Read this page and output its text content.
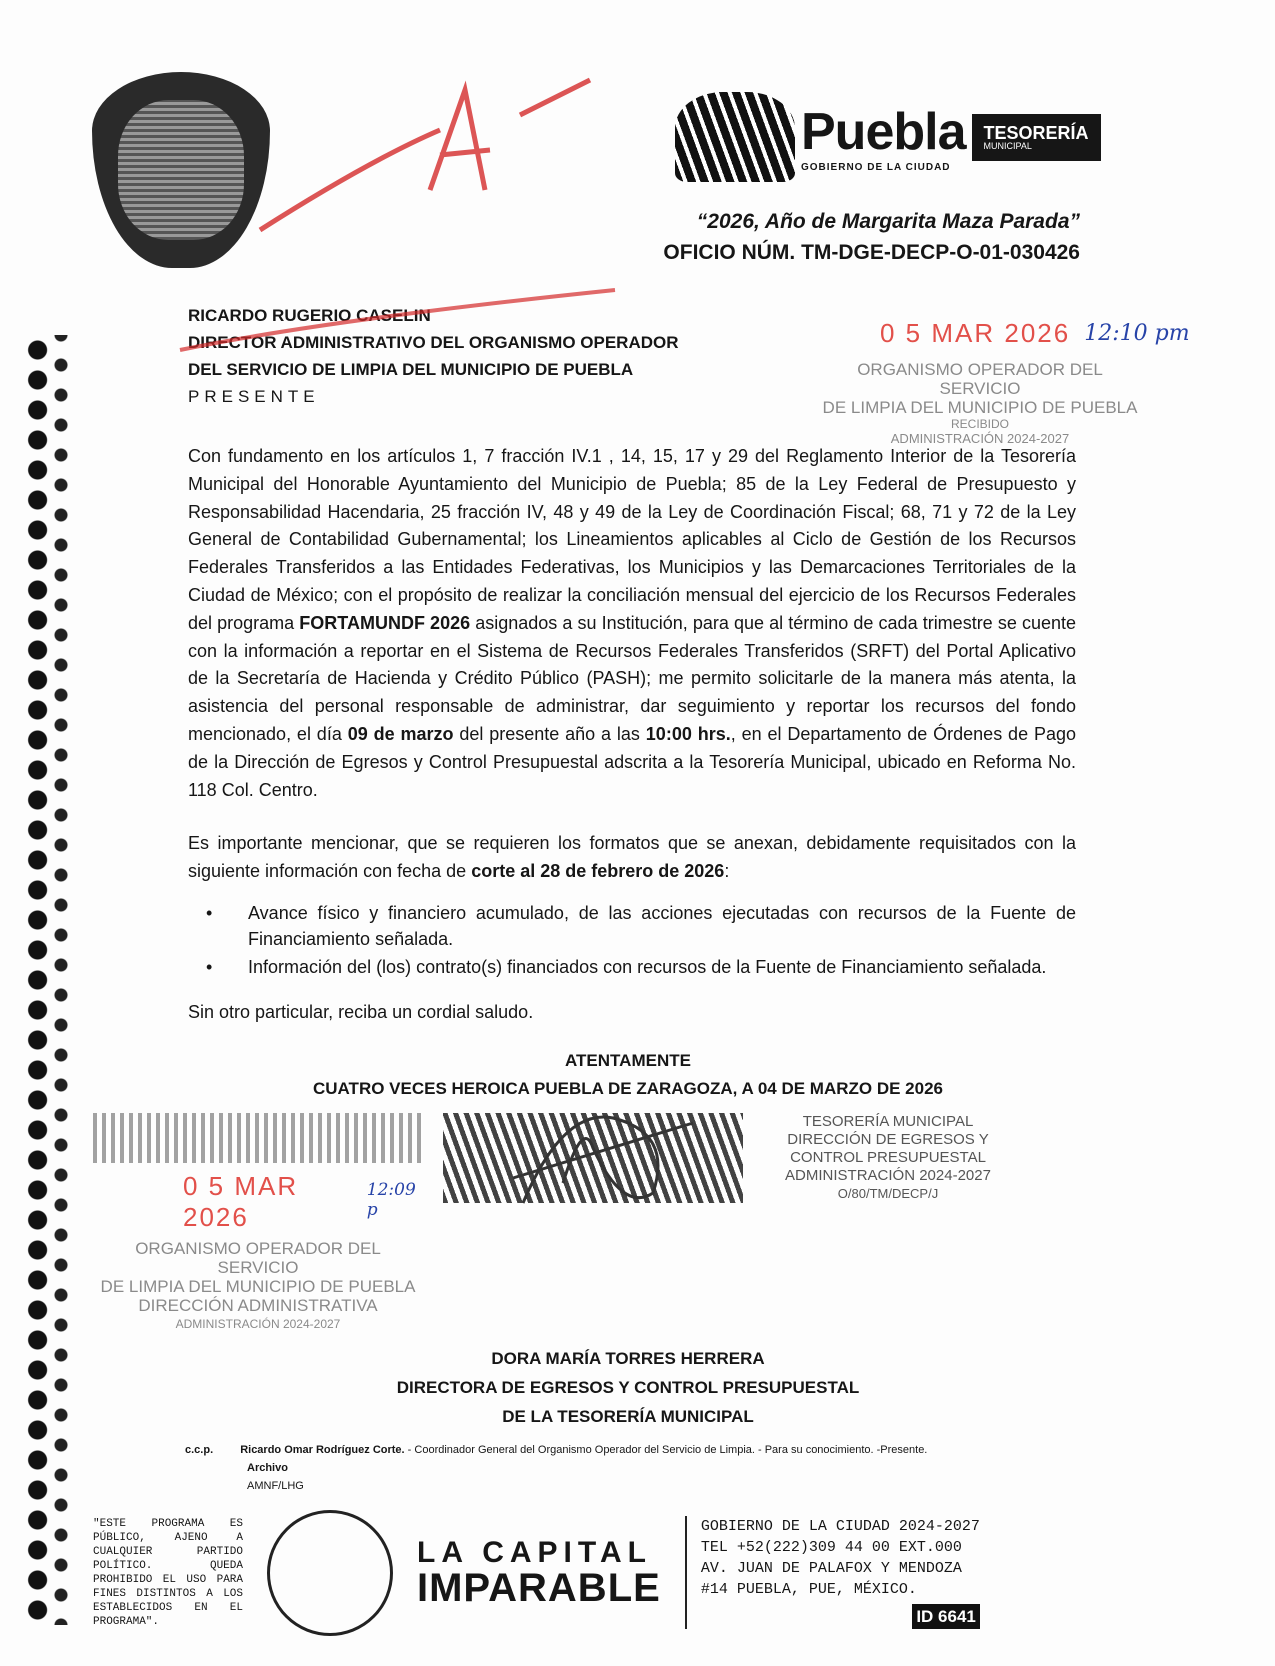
Puebla
GOBIERNO DE LA CIUDAD
TESORERÍA
MUNICIPAL
“2026, Año de Margarita Maza Parada”
OFICIO NÚM. TM-DGE-DECP-O-01-030426
RICARDO RUGERIO CASELIN
DIRECTOR ADMINISTRATIVO DEL ORGANISMO OPERADOR
DEL SERVICIO DE LIMPIA DEL MUNICIPIO DE PUEBLA
PRESENTE
0 5 MAR 2026 12:10 pm
ORGANISMO OPERADOR DEL SERVICIO
DE LIMPIA DEL MUNICIPIO DE PUEBLA
RECIBIDO
ADMINISTRACIÓN 2024-2027
Con fundamento en los artículos 1, 7 fracción IV.1 , 14, 15, 17 y 29 del Reglamento Interior de la Tesorería Municipal del Honorable Ayuntamiento del Municipio de Puebla; 85 de la Ley Federal de Presupuesto y Responsabilidad Hacendaria, 25 fracción IV, 48 y 49 de la Ley de Coordinación Fiscal; 68, 71 y 72 de la Ley General de Contabilidad Gubernamental; los Lineamientos aplicables al Ciclo de Gestión de los Recursos Federales Transferidos a las Entidades Federativas, los Municipios y las Demarcaciones Territoriales de la Ciudad de México; con el propósito de realizar la conciliación mensual del ejercicio de los Recursos Federales del programa FORTAMUNDF 2026 asignados a su Institución, para que al término de cada trimestre se cuente con la información a reportar en el Sistema de Recursos Federales Transferidos (SRFT) del Portal Aplicativo de la Secretaría de Hacienda y Crédito Público (PASH); me permito solicitarle de la manera más atenta, la asistencia del personal responsable de administrar, dar seguimiento y reportar los recursos del fondo mencionado, el día 09 de marzo del presente año a las 10:00 hrs., en el Departamento de Órdenes de Pago de la Dirección de Egresos y Control Presupuestal adscrita a la Tesorería Municipal, ubicado en Reforma No. 118 Col. Centro.
Es importante mencionar, que se requieren los formatos que se anexan, debidamente requisitados con la siguiente información con fecha de corte al 28 de febrero de 2026:
• Avance físico y financiero acumulado, de las acciones ejecutadas con recursos de la Fuente de Financiamiento señalada.
• Información del (los) contrato(s) financiados con recursos de la Fuente de Financiamiento señalada.
Sin otro particular, reciba un cordial saludo.
ATENTAMENTE
CUATRO VECES HEROICA PUEBLA DE ZARAGOZA, A 04 DE MARZO DE 2026
0 5 MAR 2026
12:09 p
ORGANISMO OPERADOR DEL SERVICIO
DE LIMPIA DEL MUNICIPIO DE PUEBLA
DIRECCIÓN ADMINISTRATIVA
ADMINISTRACIÓN 2024-2027
TESORERÍA MUNICIPAL
DIRECCIÓN DE EGRESOS Y
CONTROL PRESUPUESTAL
ADMINISTRACIÓN 2024-2027
O/80/TM/DECP/J
DORA MARÍA TORRES HERRERA
DIRECTORA DE EGRESOS Y CONTROL PRESUPUESTAL
DE LA TESORERÍA MUNICIPAL
c.c.p. Ricardo Omar Rodríguez Corte. - Coordinador General del Organismo Operador del Servicio de Limpia. - Para su conocimiento. -Presente.
Archivo
AMNF/LHG
"ESTE PROGRAMA ES PÚBLICO, AJENO A CUALQUIER PARTIDO POLÍTICO. QUEDA PROHIBIDO EL USO PARA FINES DISTINTOS A LOS ESTABLECIDOS EN EL PROGRAMA".
LA CAPITAL
IMPARABLE
GOBIERNO DE LA CIUDAD 2024-2027
TEL +52(222)309 44 00 EXT.000
AV. JUAN DE PALAFOX Y MENDOZA
#14 PUEBLA, PUE, MÉXICO.
ID 6641
